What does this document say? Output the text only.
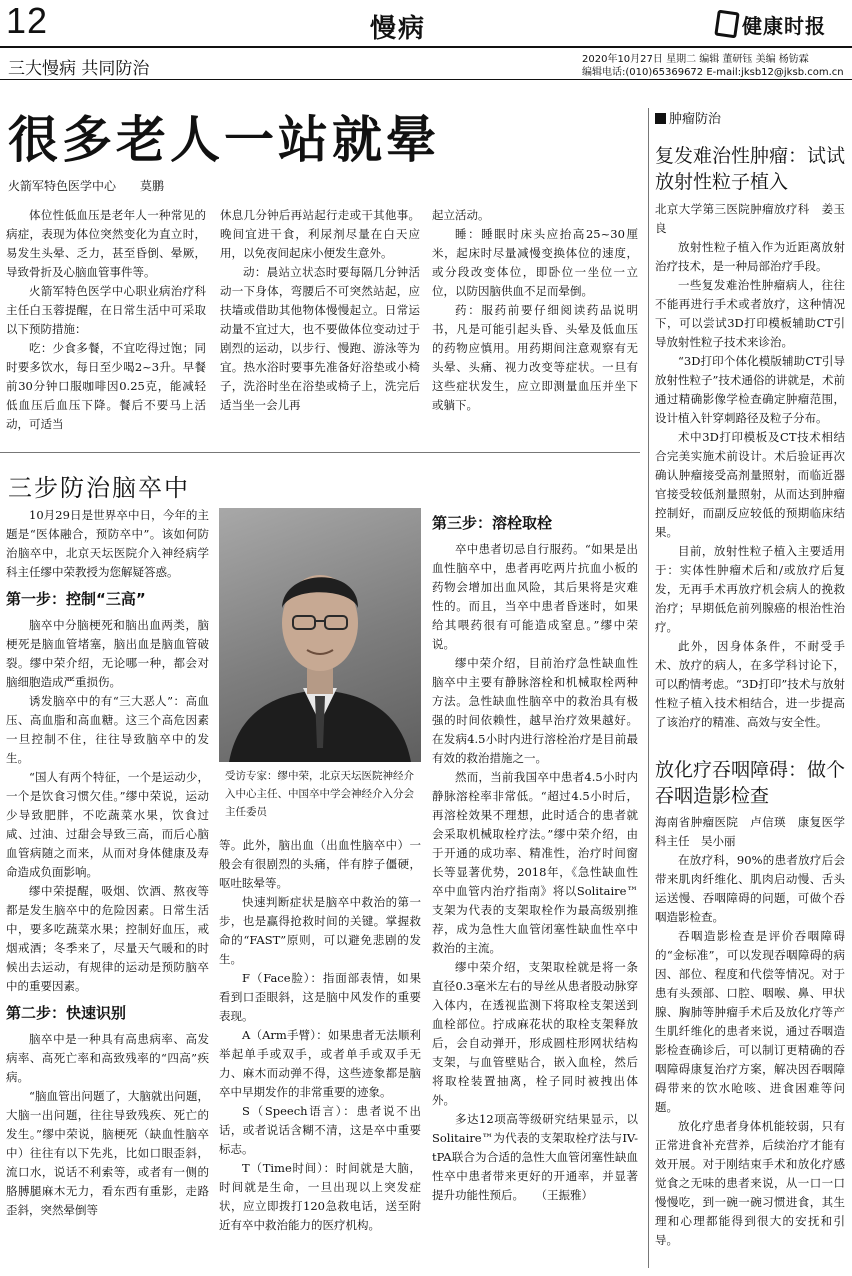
12	慢病	健康时报
三大慢病 共同防治	2020年10月27日 星期二 编辑 董研钰 美编 杨钫霖
编辑电话:(010)65369672 E-mail:jksb12@jksb.com.cn
很多老人一站就晕
火箭军特色医学中心　　莫鹏

体位性低血压是老年人一种常见的病症，表现为体位突然变化为直立时，易发生头晕、乏力，甚至昏倒、晕厥，导致骨折及心脑血管事件等。

火箭军特色医学中心职业病治疗科主任白玉蓉提醒，在日常生活中可采取以下预防措施：

吃：少食多餐，不宜吃得过饱；同时要多饮水，每日至少喝2~3升。早餐前30分钟口服咖啡因0.25克，能减轻低血压后血压下降。餐后不要马上活动，可适当

休息几分钟后再站起行走或干其他事。晚间宜进干食，利尿剂尽量在白天应用，以免夜间起床小便发生意外。

动：晨站立状态时要每隔几分钟活动一下身体，弯腰后不可突然站起，应扶墙或借助其他物体慢慢起立。日常运动量不宜过大，也不要做体位变动过于剧烈的运动，以步行、慢跑、游泳等为宜。热水浴时要事先准备好浴垫或小椅子，洗浴时坐在浴垫或椅子上，洗完后适当坐一会儿再

起立活动。

睡：睡眠时床头应抬高25~30厘米，起床时尽量减慢变换体位的速度，或分段改变体位，即卧位一坐位一立位，以防因脑供血不足而晕倒。

药：服药前要仔细阅读药品说明书，凡是可能引起头昏、头晕及低血压的药物应慎用。用药期间注意观察有无头晕、头痛、视力改变等症状。一旦有这些症状发生，应立即测量血压并坐下或躺下。

三步防治脑卒中

10月29日是世界卒中日，今年的主题是“医体融合，预防卒中”。该如何防治脑卒中，北京天坛医院介入神经病学科主任缪中荣教授为您解疑答惑。

第一步：控制“三高”

脑卒中分脑梗死和脑出血两类，脑梗死是脑血管堵塞，脑出血是脑血管破裂。缪中荣介绍，无论哪一种，都会对脑细胞造成严重损伤。

诱发脑卒中的有“三大恶人”：高血压、高血脂和高血糖。这三个高危因素一旦控制不住，往往导致脑卒中的发生。

“国人有两个特征，一个是运动少，一个是饮食习惯欠佳。”缪中荣说，运动少导致肥胖，不吃蔬菜水果，饮食过咸、过油、过甜会导致三高，而后心脑血管病随之而来，从而对身体健康及寿命造成负面影响。

缪中荣提醒，吸烟、饮酒、熬夜等都是发生脑卒中的危险因素。日常生活中，要多吃蔬菜水果；控制好血压，戒烟戒酒；冬季来了，尽量天气暖和的时候出去运动，有规律的运动是预防脑卒中的重要因素。

第二步：快速识别

脑卒中是一种具有高患病率、高发病率、高死亡率和高致残率的“四高”疾病。

“脑血管出问题了，大脑就出问题，大脑一出问题，往往导致残疾、死亡的发生。”缪中荣说，脑梗死（缺血性脑卒中）往往有以下先兆，比如口眼歪斜，流口水，说话不利索等，或者有一侧的胳膊腿麻木无力，看东西有重影，走路歪斜，突然晕倒等

受访专家：缪中荣，北京天坛医院神经介入中心主任、中国卒中学会神经介入分会主任委员

等。此外，脑出血（出血性脑卒中）一般会有很剧烈的头痛，伴有脖子僵硬，呕吐眩晕等。

快速判断症状是脑卒中救治的第一步，也是赢得抢救时间的关键。掌握救命的“FAST”原则，可以避免悲剧的发生。

F（Face脸）：指面部表情，如果看到口歪眼斜，这是脑中风发作的重要表现。

A（Arm手臂）：如果患者无法顺利举起单手或双手，或者单手或双手无力、麻木而动弹不得，这些迹象都是脑卒中早期发作的非常重要的迹象。

S（Speech语言）：患者说不出话，或者说话含糊不清，这是卒中重要标志。

T（Time时间）：时间就是大脑，时间就是生命，一旦出现以上突发症状，应立即拨打120急救电话，送至附近有卒中救治能力的医疗机构。

第三步：溶栓取栓

卒中患者切忌自行服药。“如果是出血性脑卒中，患者再吃两片抗血小板的药物会增加出血风险，其后果将是灾难性的。而且，当卒中患者昏迷时，如果给其喂药很有可能造成窒息。”缪中荣说。

缪中荣介绍，目前治疗急性缺血性脑卒中主要有静脉溶栓和机械取栓两种方法。急性缺血性脑卒中的救治具有极强的时间依赖性，越早治疗效果越好。在发病4.5小时内进行溶栓治疗是目前最有效的救治措施之一。

然而，当前我国卒中患者4.5小时内静脉溶栓率非常低。“超过4.5小时后，再溶栓效果不理想，此时适合的患者就会采取机械取栓疗法。”缪中荣介绍，由于开通的成功率、精准性，治疗时间窗长等显著优势，2018年，《急性缺血性卒中血管内治疗指南》将以Solitaire™支架为代表的支架取栓作为最高级别推荐，成为急性大血管闭塞性缺血性卒中救治的主流。

缪中荣介绍，支架取栓就是将一条直径0.3毫米左右的导丝从患者股动脉穿入体内，在透视监测下将取栓支架送到血栓部位。拧成麻花状的取栓支架释放后，会自动弹开，形成圆柱形网状结构支架，与血管壁贴合，嵌入血栓，然后将取栓装置抽离，栓子同时被拽出体外。

多达12项高等级研究结果显示，以Solitaire™为代表的支架取栓疗法与IV-tPA联合为合适的急性大血管闭塞性缺血性卒中患者带来更好的开通率，并显著提升功能性预后。　　（王振雅）

肿瘤防治
复发难治性肿瘤：试试放射性粒子植入

北京大学第三医院肿瘤放疗科　姜玉良

放射性粒子植入作为近距离放射治疗技术，是一种局部治疗手段。

一些复发难治性肿瘤病人，往往不能再进行手术或者放疗，这种情况下，可以尝试3D打印模板辅助CT引导放射性粒子技术来诊治。

“3D打印个体化模版辅助CT引导放射性粒子”技术通俗的讲就是，术前通过精确影像学检查确定肿瘤范围，设计植入针穿刺路径及粒子分布。

术中3D打印模板及CT技术相结合完美实施术前设计。术后验证再次确认肿瘤接受高剂量照射，而临近器官接受较低剂量照射，从而达到肿瘤控制好，而副反应较低的预期临床结果。

目前，放射性粒子植入主要适用于：实体性肿瘤术后和/或放疗后复发，无再手术再放疗机会病人的挽救治疗；早期低危前列腺癌的根治性治疗。

此外，因身体条件，不耐受手术、放疗的病人，在多学科讨论下，可以酌情考虑。“3D打印”技术与放射性粒子植入技术相结合，进一步提高了该治疗的精准、高效与安全性。

放化疗吞咽障碍：做个吞咽造影检查

海南省肿瘤医院　卢信瑛　康复医学科主任　吴小丽

在放疗科，90%的患者放疗后会带来肌肉纤维化、肌肉启动慢、舌头运送慢、吞咽障碍的问题，可做个吞咽造影检查。

吞咽造影检查是评价吞咽障碍的“金标准”，可以发现吞咽障碍的病因、部位、程度和代偿等情况。对于患有头颈部、口腔、咽喉、鼻、甲状腺、胸肺等肿瘤手术后及放化疗等产生肌纤维化的患者来说，通过吞咽造影检查确诊后，可以制订更精确的吞咽障碍康复治疗方案，解决因吞咽障碍带来的饮水呛咳、进食困难等问题。

放化疗患者身体机能较弱，只有正常进食补充营养，后续治疗才能有效开展。对于刚结束手术和放化疗感觉食之无味的患者来说，从一口一口慢慢吃，到一碗一碗习惯进食，其生理和心理都能得到很大的安抚和引导。
